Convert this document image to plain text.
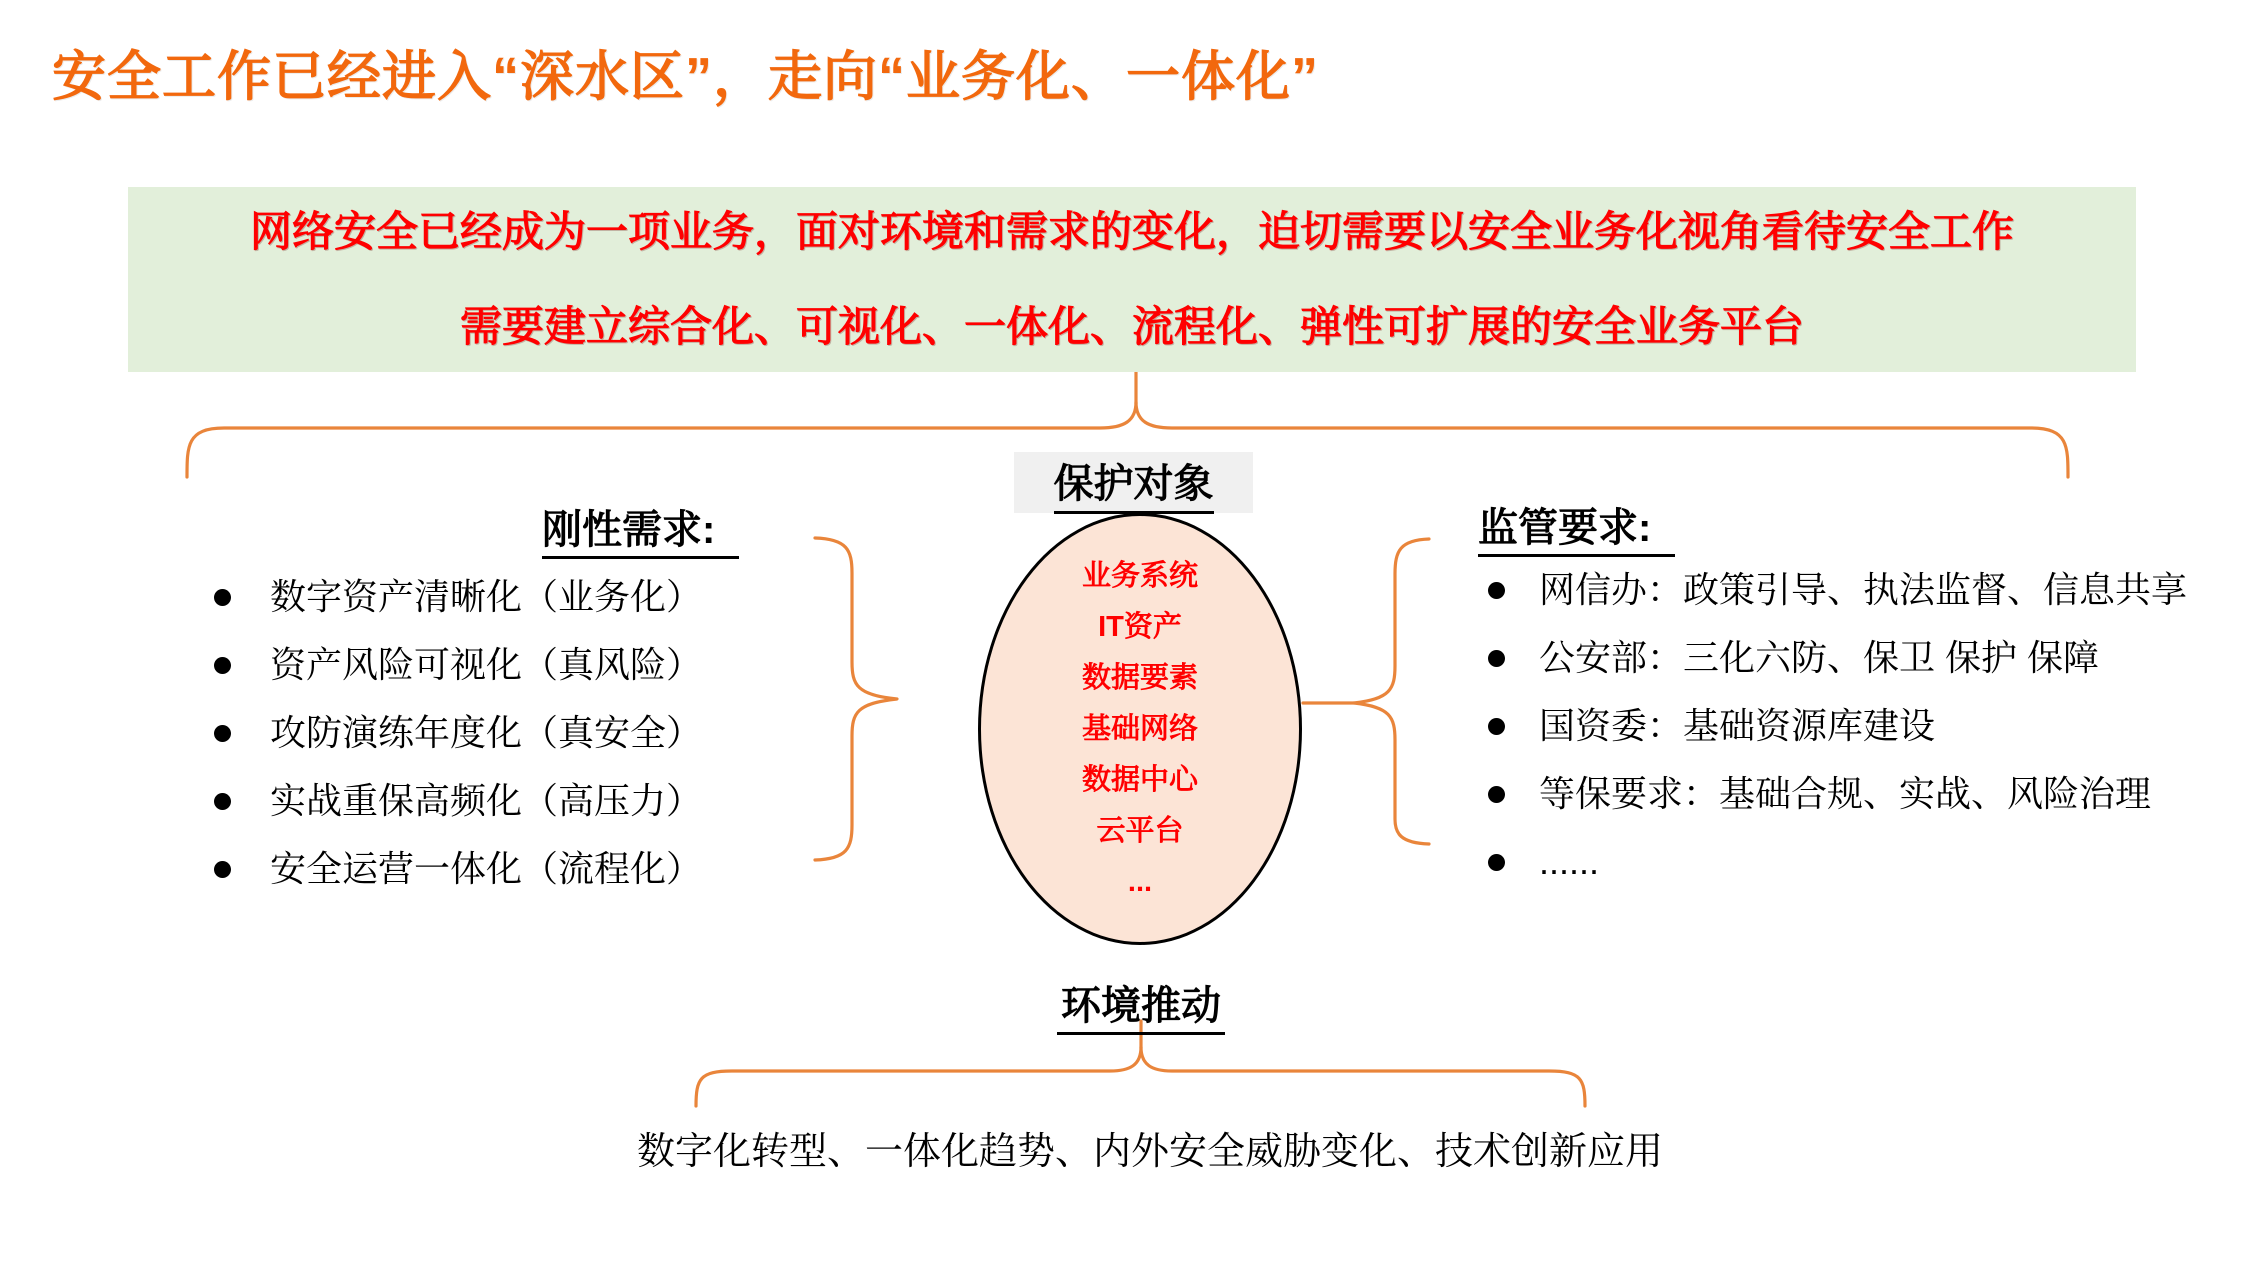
安全工作已经进入“深水区”，走向“业务化、一体化”

网络安全已经成为一项业务，面对环境和需求的变化，迫切需要以安全业务化视角看待安全工作

需要建立综合化、可视化、一体化、流程化、弹性可扩展的安全业务平台

保护对象
业务系统
IT资产
数据要素
基础网络
数据中心
云平台
...
刚性需求:
数字资产清晰化（业务化）
资产风险可视化（真风险）
攻防演练年度化（真安全）
实战重保高频化（高压力）
安全运营一体化（流程化）
监管要求:
网信办：政策引导、执法监督、信息共享
公安部：三化六防、保卫 保护 保障
国资委：基础资源库建设
等保要求：基础合规、实战、风险治理
......
环境推动
数字化转型、一体化趋势、内外安全威胁变化、技术创新应用
